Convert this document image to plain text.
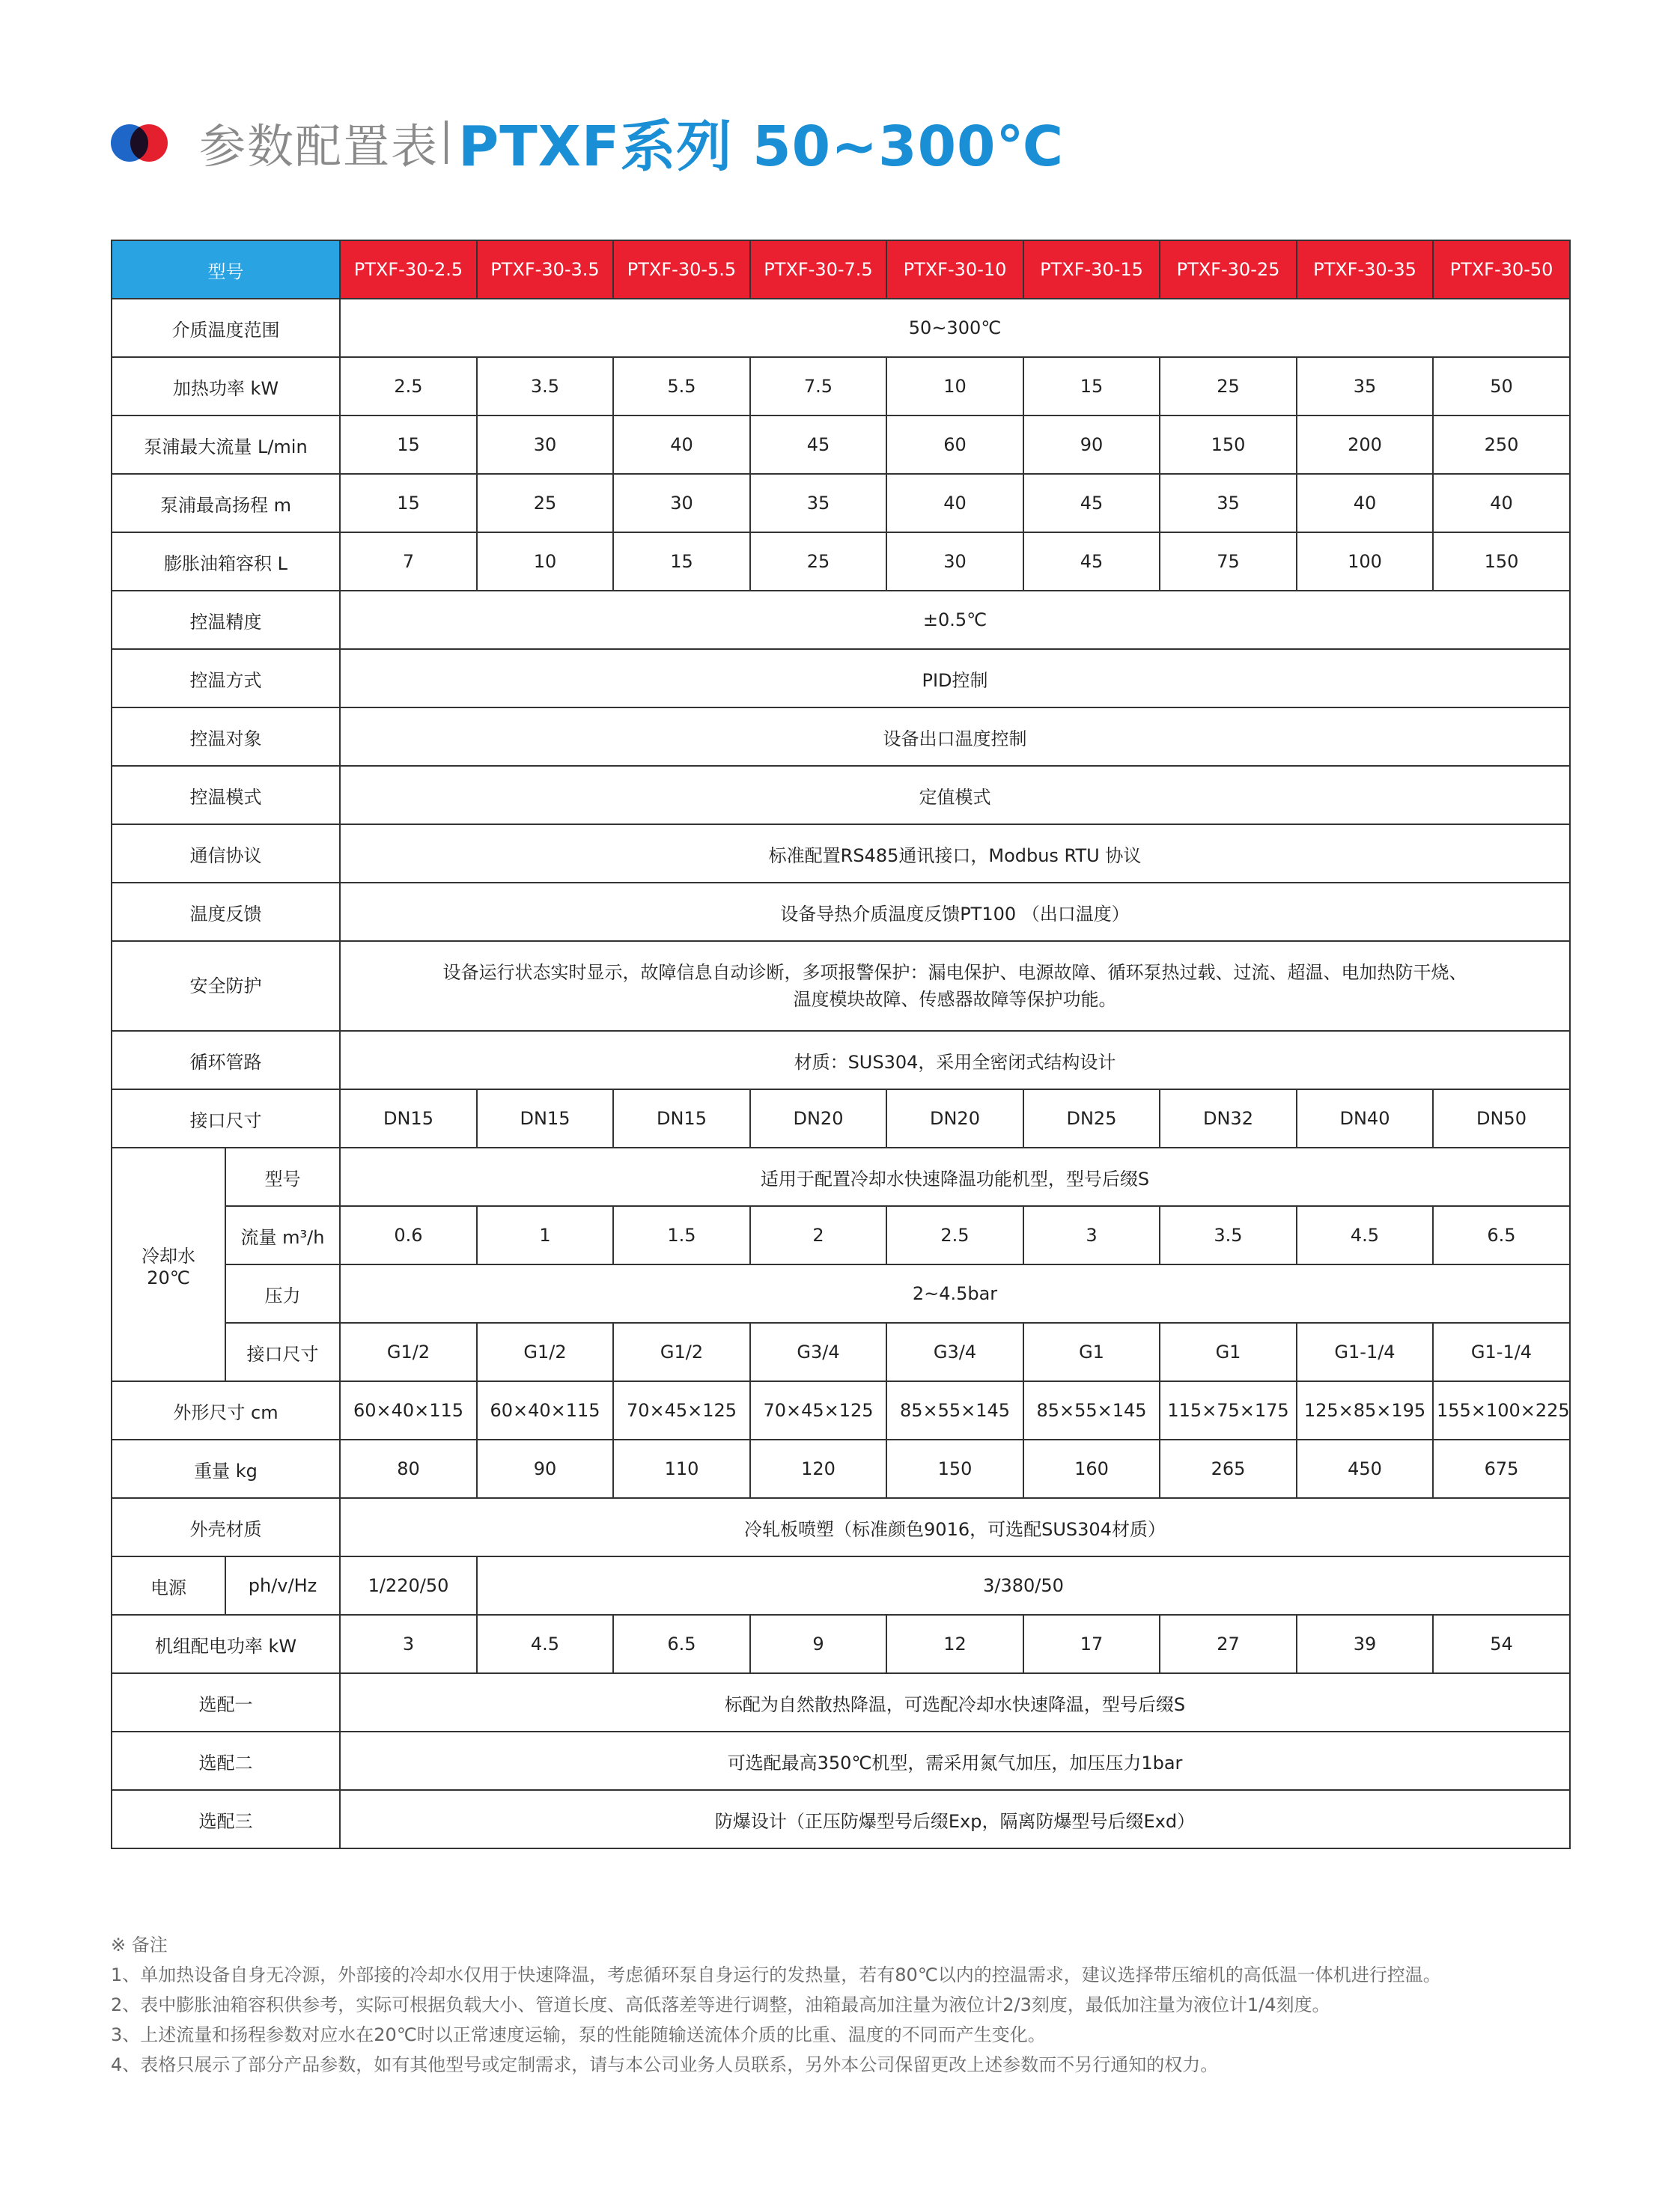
参数配置表 PTXF系列 50~300℃
型号		PTXF-30-2.5	PTXF-30-3.5	PTXF-30-5.5	PTXF-30-7.5	PTXF-30-10	PTXF-30-15	PTXF-30-25	PTXF-30-35	PTXF-30-50
介质温度范围		50~300℃								
加热功率 kW		2.5	3.5	5.5	7.5	10	15	25	35	50
泵浦最大流量 L/min		15	30	40	45	60	90	150	200	250
泵浦最高扬程 m		15	25	30	35	40	45	35	40	40
膨胀油箱容积 L		7	10	15	25	30	45	75	100	150
控温精度		±0.5℃								
控温方式		PID控制								
控温对象		设备出口温度控制								
控温模式		定值模式								
通信协议		标准配置RS485通讯接口，Modbus RTU 协议								
温度反馈		设备导热介质温度反馈PT100 （出口温度）								
安全防护		设备运行状态实时显示，故障信息自动诊断，多项报警保护：漏电保护、电源故障、循环泵热过载、过流、超温、电加热防干烧、
温度模块故障、传感器故障等保护功能。								

循环管路		材质：SUS304，采用全密闭式结构设计								
接口尺寸		DN15	DN15	DN15	DN20	DN20	DN25	DN32	DN40	DN50

冷却水
20℃	型号	适用于配置冷却水快速降温功能机型，型号后缀S								
	流量 m³/h	0.6	1	1.5	2	2.5	3	3.5	4.5	6.5
	压力	2~4.5bar								
	接口尺寸	G1/2	G1/2	G1/2	G3/4	G3/4	G1	G1	G1-1/4	G1-1/4
外形尺寸 cm		60×40×115	60×40×115	70×45×125	70×45×125	85×55×145	85×55×145	115×75×175	125×85×195	155×100×225
重量 kg		80	90	110	120	150	160	265	450	675
外壳材质		冷轧板喷塑（标准颜色9016，可选配SUS304材质）								
电源	ph/v/Hz	1/220/50	3/380/50							
机组配电功率 kW		3	4.5	6.5	9	12	17	27	39	54
选配一		标配为自然散热降温，可选配冷却水快速降温，型号后缀S								
选配二		可选配最高350℃机型，需采用氮气加压，加压压力1bar								
选配三		防爆设计（正压防爆型号后缀Exp，隔离防爆型号后缀Exd）								
※ 备注
1、单加热设备自身无冷源，外部接的冷却水仅用于快速降温，考虑循环泵自身运行的发热量，若有80℃以内的控温需求，建议选择带压缩机的高低温一体机进行控温。
2、表中膨胀油箱容积供参考，实际可根据负载大小、管道长度、高低落差等进行调整，油箱最高加注量为液位计2/3刻度，最低加注量为液位计1/4刻度。
3、上述流量和扬程参数对应水在20℃时以正常速度运输，泵的性能随输送流体介质的比重、温度的不同而产生变化。
4、表格只展示了部分产品参数，如有其他型号或定制需求，请与本公司业务人员联系，另外本公司保留更改上述参数而不另行通知的权力。
